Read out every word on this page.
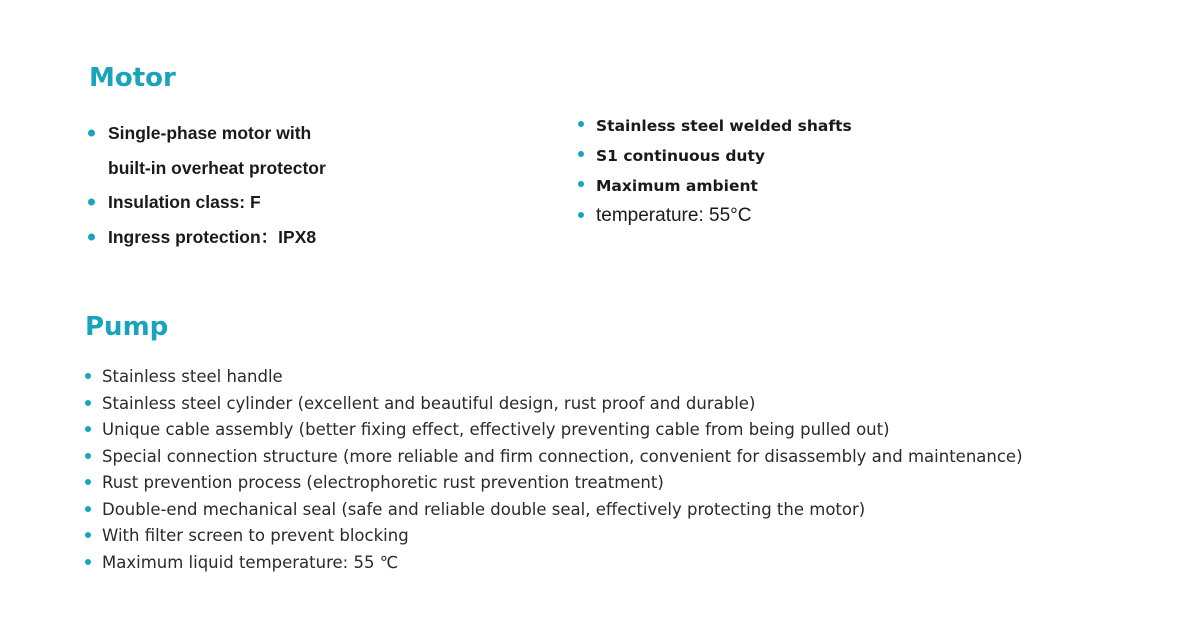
Motor
Single-phase motor with
built-in overheat protector
Insulation class: F
Ingress protection：IPX8
Stainless steel welded shafts
S1 continuous duty
Maximum ambient
temperature: 55°C
Pump
Stainless steel handle
Stainless steel cylinder (excellent and beautiful design, rust proof and durable)
Unique cable assembly (better fixing effect, effectively preventing cable from being pulled out)
Special connection structure (more reliable and firm connection, convenient for disassembly and maintenance)
Rust prevention process (electrophoretic rust prevention treatment)
Double-end mechanical seal (safe and reliable double seal, effectively protecting the motor)
With filter screen to prevent blocking
Maximum liquid temperature: 55 ℃
